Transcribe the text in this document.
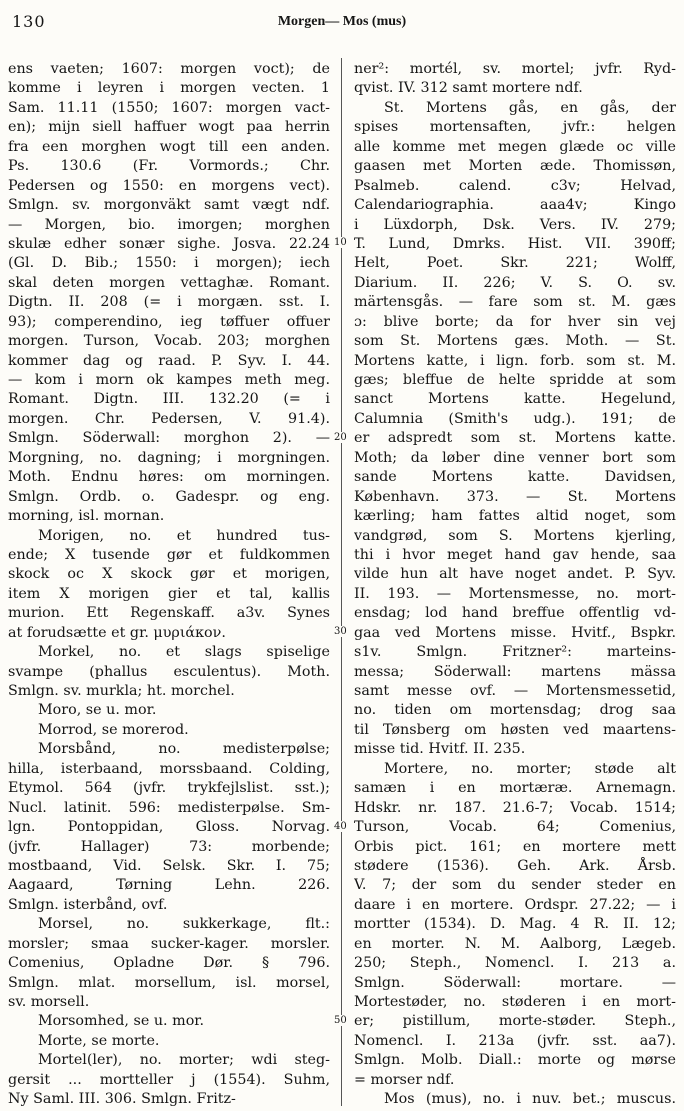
130	Morgen— Mos (mus)
ens vaeten; 1607: morgen voct); de
komme i leyren i morgen vecten. 1
Sam. 11.11 (1550; 1607: morgen vact-
en); mijn siell haffuer wogt paa herrin
fra een morghen wogt till een anden.
Ps. 130.6 (Fr. Vormords.; Chr.
Pedersen og 1550: en morgens vect).
Smlgn. sv. morgonväkt samt vægt ndf.
— Morgen, bio. imorgen; morghen
skulæ edher sonær sighe. Josva. 22.24
(Gl. D. Bib.; 1550: i morgen); iech
skal deten morgen vettaghæ. Romant.
Digtn. II. 208 (= i morgæn. sst. I.
93); comperendino, ieg tøffuer offuer
morgen. Turson, Vocab. 203; morghen
kommer dag og raad. P. Syv. I. 44.
— kom i morn ok kampes meth meg.
Romant. Digtn. III. 132.20 (= i
morgen. Chr. Pedersen, V. 91.4).
Smlgn. Söderwall: morghon 2). —
Morgning, no. dagning; i morgningen.
Moth. Endnu høres: om morningen.
Smlgn. Ordb. o. Gadespr. og eng.
morning, isl. mornan.
Morigen, no. et hundred tus-
ende; X tusende gør et fuldkommen
skock oc X skock gør et morigen,
item X morigen gier et tal, kallis
murion. Ett Regenskaff. a3v. Synes
at forudsætte et gr. μυριάκον.
Morkel, no. et slags spiselige
svampe (phallus esculentus). Moth.
Smlgn. sv. murkla; ht. morchel.
Moro, se u. mor.
Morrod, se morerod.
Morsbånd, no. medisterpølse;
hilla, isterbaand, morssbaand. Colding,
Etymol. 564 (jvfr. trykfejlslist. sst.);
Nucl. latinit. 596: medisterpølse. Sm-
lgn. Pontoppidan, Gloss. Norvag.
(jvfr. Hallager) 73: morbende;
mostbaand, Vid. Selsk. Skr. I. 75;
Aagaard, Tørning Lehn. 226.
Smlgn. isterbånd, ovf.
Morsel, no. sukkerkage, flt.:
morsler; smaa sucker-kager. morsler.
Comenius, Opladne Dør. § 796.
Smlgn. mlat. morsellum, isl. morsel,
sv. morsell.
Morsomhed, se u. mor.
Morte, se morte.
Mortel(ler), no. morter; wdi steg-
gersit ... mortteller j (1554). Suhm,
Ny Saml. III. 306. Smlgn. Fritz-
ner²: mortél, sv. mortel; jvfr. Ryd-
qvist. IV. 312 samt mortere ndf.
St. Mortens gås, en gås, der
spises mortensaften, jvfr.: helgen
alle komme met megen glæde oc ville
gaasen met Morten æde. Thomissøn,
Psalmeb. calend. c3v; Helvad,
Calendariographia. aaa4v; Kingo
i Lüxdorph, Dsk. Vers. IV. 279;
T. Lund, Dmrks. Hist. VII. 390ff;
Helt, Poet. Skr. 221; Wolff,
Diarium. II. 226; V. S. O. sv.
märtensgås. — fare som st. M. gæs
ɔ: blive borte; da for hver sin vej
som St. Mortens gæs. Moth. — St.
Mortens katte, i lign. forb. som st. M.
gæs; bleffue de helte spridde at som
sanct Mortens katte. Hegelund,
Calumnia (Smith's udg.). 191; de
er adspredt som st. Mortens katte.
Moth; da løber dine venner bort som
sande Mortens katte. Davidsen,
København. 373. — St. Mortens
kærling; ham fattes altid noget, som
vandgrød, som S. Mortens kjerling,
thi i hvor meget hand gav hende, saa
vilde hun alt have noget andet. P. Syv.
II. 193. — Mortensmesse, no. mort-
ensdag; lod hand breffue offentlig vd-
gaa ved Mortens misse. Hvitf., Bspkr.
s1v. Smlgn. Fritzner²: marteins-
messa; Söderwall: martens mässa
samt messe ovf. — Mortensmessetid,
no. tiden om mortensdag; drog saa
til Tønsberg om høsten ved maartens-
misse tid. Hvitf. II. 235.
Mortere, no. morter; støde alt
samæn i en mortæræ. Arnemagn.
Hdskr. nr. 187. 21.6-7; Vocab. 1514;
Turson, Vocab. 64; Comenius,
Orbis pict. 161; en mortere mett
stødere (1536). Geh. Ark. Årsb.
V. 7; der som du sender steder en
daare i en mortere. Ordspr. 27.22; — i
mortter (1534). D. Mag. 4 R. II. 12;
en morter. N. M. Aalborg, Lægeb.
250; Steph., Nomencl. I. 213 a.
Smlgn. Söderwall: mortare. —
Mortestøder, no. støderen i en mort-
er; pistillum, morte-støder. Steph.,
Nomencl. I. 213a (jvfr. sst. aa7).
Smlgn. Molb. Diall.: morte og mørse
= morser ndf.
Mos (mus), no. i nuv. bet.; muscus.
10
20
30
40
50
